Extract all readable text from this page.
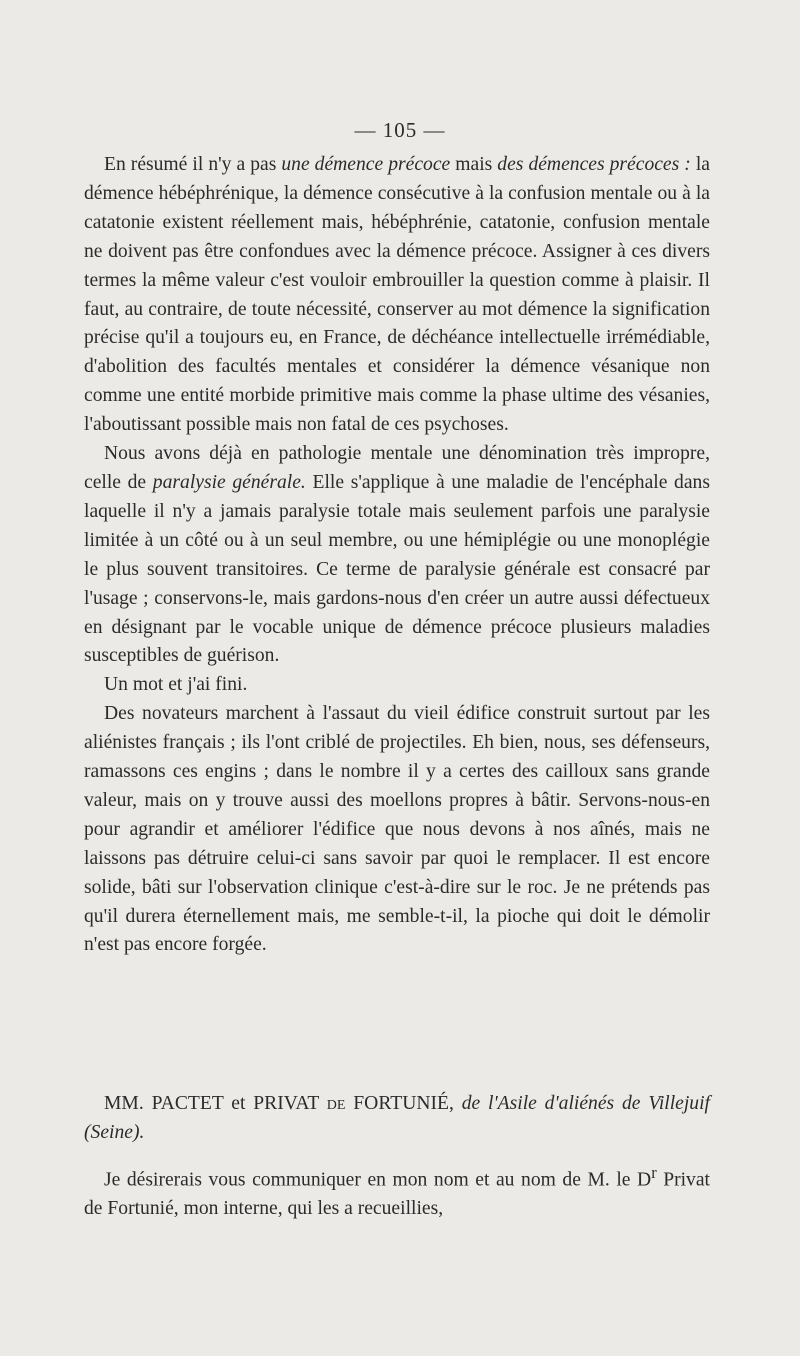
— 105 —

En résumé il n'y a pas une démence précoce mais des démences précoces : la démence hébéphrénique, la démence consécutive à la confusion mentale ou à la catatonie existent réellement mais, hébéphrénie, catatonie, confusion mentale ne doivent pas être confondues avec la démence précoce. Assigner à ces divers termes la même valeur c'est vouloir embrouiller la question comme à plaisir. Il faut, au contraire, de toute nécessité, conserver au mot démence la signification précise qu'il a toujours eu, en France, de déchéance intellectuelle irrémédiable, d'abolition des facultés mentales et considérer la démence vésanique non comme une entité morbide primitive mais comme la phase ultime des vésanies, l'aboutissant possible mais non fatal de ces psychoses.

Nous avons déjà en pathologie mentale une dénomination très impropre, celle de paralysie générale. Elle s'applique à une maladie de l'encéphale dans laquelle il n'y a jamais paralysie totale mais seulement parfois une paralysie limitée à un côté ou à un seul membre, ou une hémiplégie ou une monoplégie le plus souvent transitoires. Ce terme de paralysie générale est consacré par l'usage ; conservons-le, mais gardons-nous d'en créer un autre aussi défectueux en désignant par le vocable unique de démence précoce plusieurs maladies susceptibles de guérison.

Un mot et j'ai fini.

Des novateurs marchent à l'assaut du vieil édifice construit surtout par les aliénistes français ; ils l'ont criblé de projectiles. Eh bien, nous, ses défenseurs, ramassons ces engins ; dans le nombre il y a certes des cailloux sans grande valeur, mais on y trouve aussi des moellons propres à bâtir. Servons-nous-en pour agrandir et améliorer l'édifice que nous devons à nos aînés, mais ne laissons pas détruire celui-ci sans savoir par quoi le remplacer. Il est encore solide, bâti sur l'observation clinique c'est-à-dire sur le roc. Je ne prétends pas qu'il durera éternellement mais, me semble-t-il, la pioche qui doit le démolir n'est pas encore forgée.

MM. PACTET et PRIVAT de FORTUNIÉ, de l'Asile d'aliénés de Villejuif (Seine).

Je désirerais vous communiquer en mon nom et au nom de M. le $D^r$ Privat de Fortunié, mon interne, qui les a recueillies,
